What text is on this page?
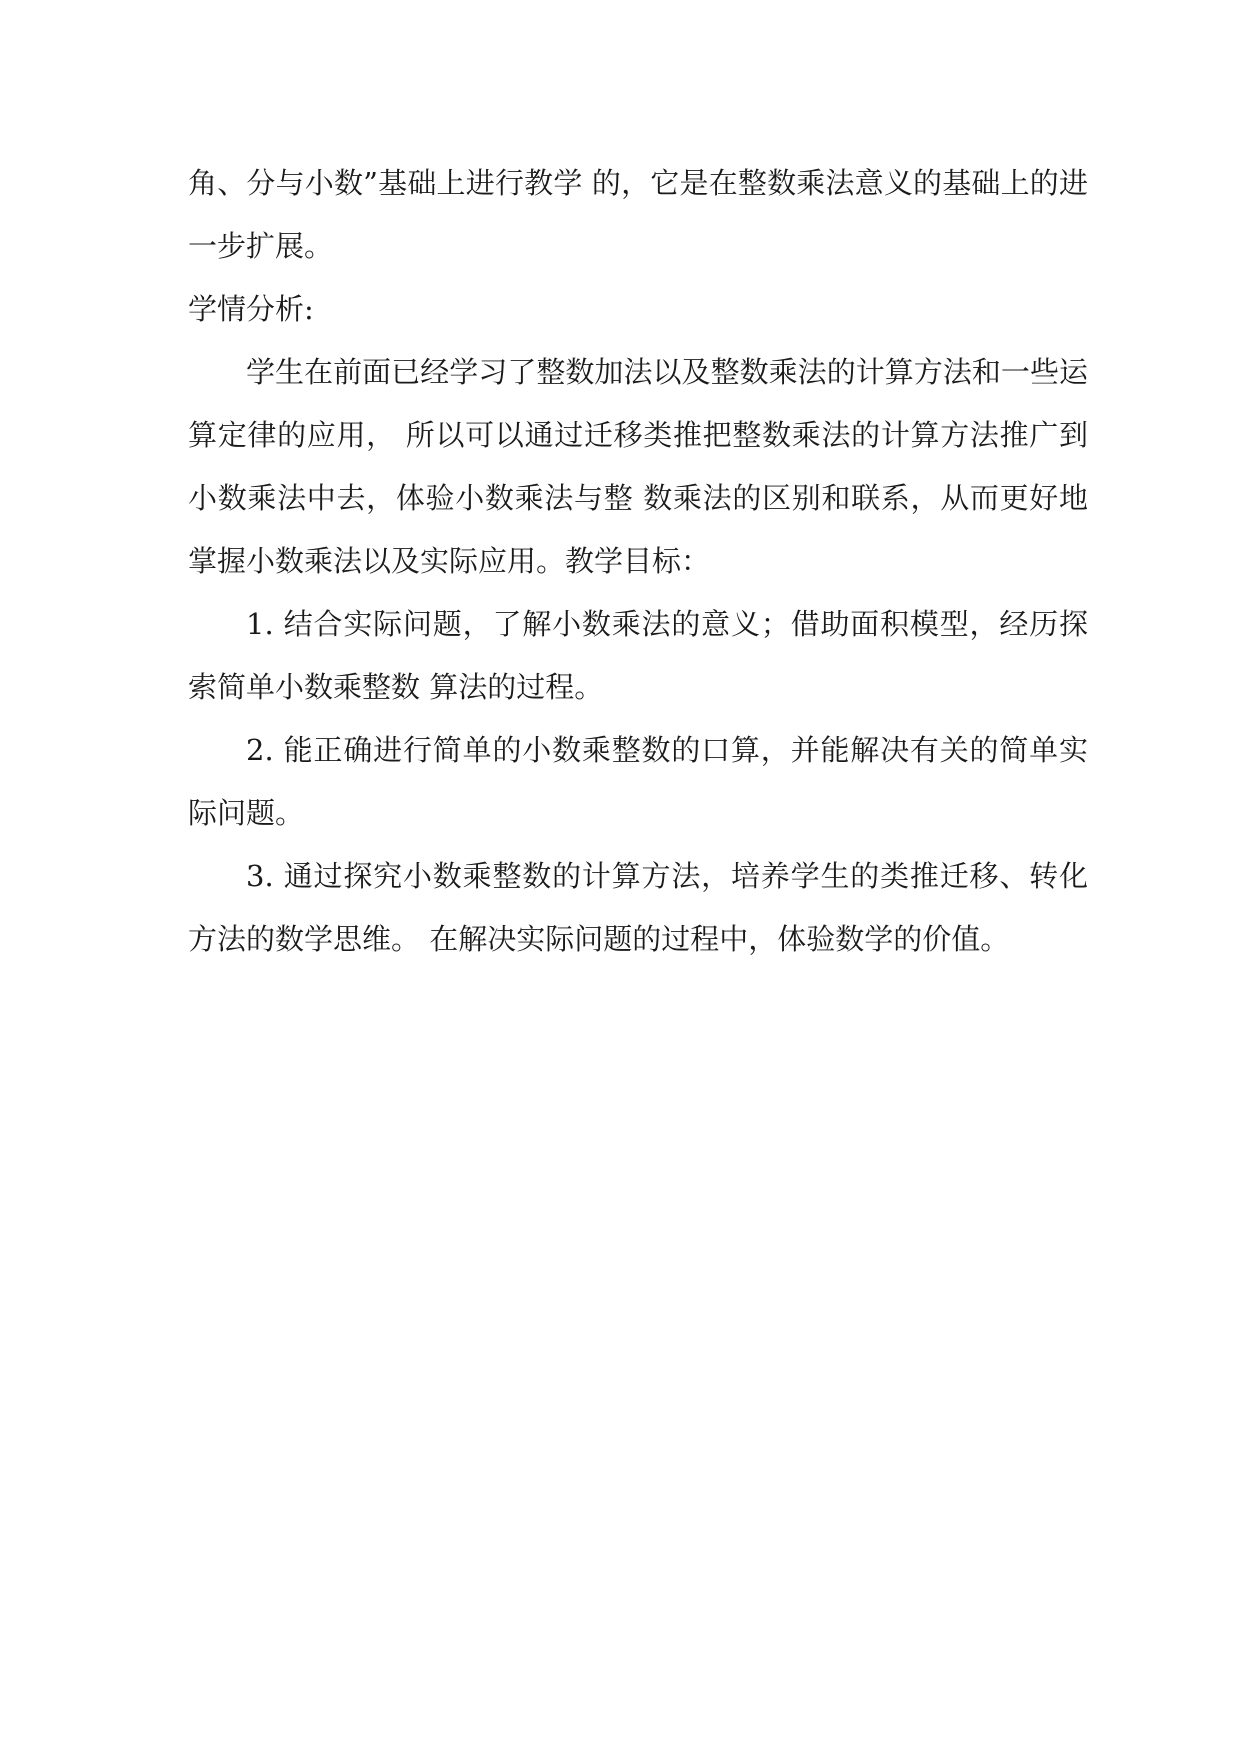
角、分与小数”基础上进行教学 的，它是在整数乘法意义的基础上的进一步扩展。

学情分析:

学生在前面已经学习了整数加法以及整数乘法的计算方法和一些运算定律的应用， 所以可以通过迁移类推把整数乘法的计算方法推广到小数乘法中去，体验小数乘法与整 数乘法的区别和联系，从而更好地掌握小数乘法以及实际应用。教学目标：

1. 结合实际问题，了解小数乘法的意义；借助面积模型，经历探索简单小数乘整数 算法的过程。

2. 能正确进行简单的小数乘整数的口算，并能解决有关的简单实际问题。

3. 通过探究小数乘整数的计算方法，培养学生的类推迁移、转化方法的数学思维。 在解决实际问题的过程中，体验数学的价值。
